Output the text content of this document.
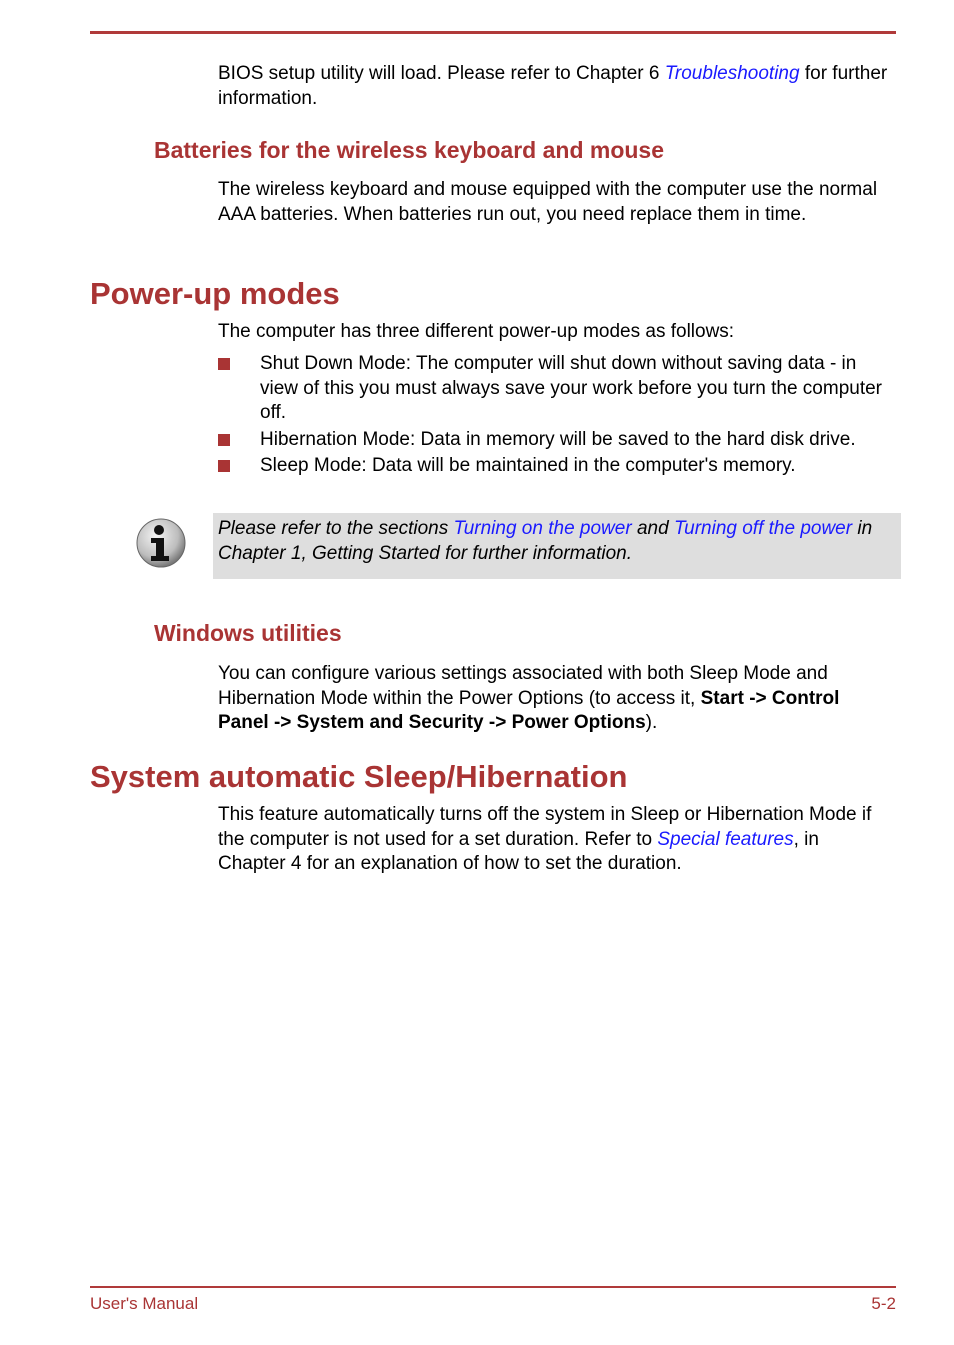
BIOS setup utility will load. Please refer to Chapter 6 Troubleshooting for further information.

Batteries for the wireless keyboard and mouse

The wireless keyboard and mouse equipped with the computer use the normal AAA batteries. When batteries run out, you need replace them in time.

Power-up modes

The computer has three different power-up modes as follows:

Shut Down Mode: The computer will shut down without saving data - in view of this you must always save your work before you turn the computer off.
Hibernation Mode: Data in memory will be saved to the hard disk drive.
Sleep Mode: Data will be maintained in the computer's memory.

Please refer to the sections Turning on the power and Turning off the power in Chapter 1, Getting Started for further information.

Windows utilities

You can configure various settings associated with both Sleep Mode and Hibernation Mode within the Power Options (to access it, Start -> Control Panel -> System and Security -> Power Options).

System automatic Sleep/Hibernation

This feature automatically turns off the system in Sleep or Hibernation Mode if the computer is not used for a set duration. Refer to Special features, in Chapter 4 for an explanation of how to set the duration.

User's Manual	5-2
